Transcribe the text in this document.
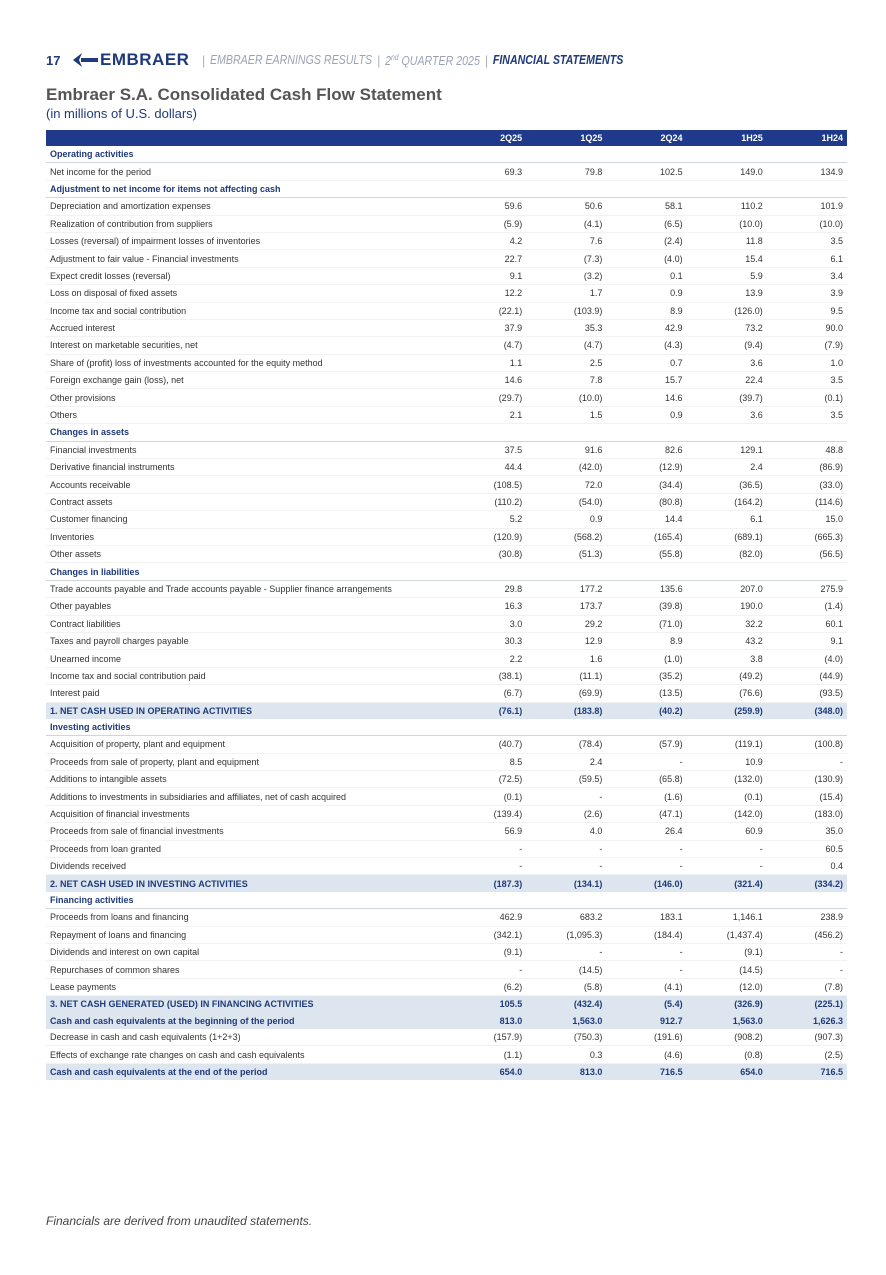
17	EMBRAER	| EMBRAER EARNINGS RESULTS | 2nd QUARTER 2025 | FINANCIAL STATEMENTS
Embraer S.A. Consolidated Cash Flow Statement
(in millions of U.S. dollars)
	2Q25	1Q25	2Q24	1H25	1H24
Operating activities					
Net income for the period	69.3	79.8	102.5	149.0	134.9
Adjustment to net income for items not affecting cash					
Depreciation and amortization expenses	59.6	50.6	58.1	110.2	101.9
Realization of contribution from suppliers	(5.9)	(4.1)	(6.5)	(10.0)	(10.0)
Losses (reversal) of impairment losses of inventories	4.2	7.6	(2.4)	11.8	3.5
Adjustment to fair value - Financial investments	22.7	(7.3)	(4.0)	15.4	6.1
Expect credit losses (reversal)	9.1	(3.2)	0.1	5.9	3.4
Loss on disposal of fixed assets	12.2	1.7	0.9	13.9	3.9
Income tax and social contribution	(22.1)	(103.9)	8.9	(126.0)	9.5
Accrued interest	37.9	35.3	42.9	73.2	90.0
Interest on marketable securities, net	(4.7)	(4.7)	(4.3)	(9.4)	(7.9)
Share of (profit) loss of investments accounted for the equity method	1.1	2.5	0.7	3.6	1.0
Foreign exchange gain (loss), net	14.6	7.8	15.7	22.4	3.5
Other provisions	(29.7)	(10.0)	14.6	(39.7)	(0.1)
Others	2.1	1.5	0.9	3.6	3.5
Changes in assets					
Financial investments	37.5	91.6	82.6	129.1	48.8
Derivative financial instruments	44.4	(42.0)	(12.9)	2.4	(86.9)
Accounts receivable	(108.5)	72.0	(34.4)	(36.5)	(33.0)
Contract assets	(110.2)	(54.0)	(80.8)	(164.2)	(114.6)
Customer financing	5.2	0.9	14.4	6.1	15.0
Inventories	(120.9)	(568.2)	(165.4)	(689.1)	(665.3)
Other assets	(30.8)	(51.3)	(55.8)	(82.0)	(56.5)
Changes in liabilities					
Trade accounts payable and Trade accounts payable - Supplier finance arrangements	29.8	177.2	135.6	207.0	275.9
Other payables	16.3	173.7	(39.8)	190.0	(1.4)
Contract liabilities	3.0	29.2	(71.0)	32.2	60.1
Taxes and payroll charges payable	30.3	12.9	8.9	43.2	9.1
Unearned income	2.2	1.6	(1.0)	3.8	(4.0)
Income tax and social contribution paid	(38.1)	(11.1)	(35.2)	(49.2)	(44.9)
Interest paid	(6.7)	(69.9)	(13.5)	(76.6)	(93.5)
1. NET CASH USED IN OPERATING ACTIVITIES	(76.1)	(183.8)	(40.2)	(259.9)	(348.0)
Investing activities					
Acquisition of property, plant and equipment	(40.7)	(78.4)	(57.9)	(119.1)	(100.8)
Proceeds from sale of property, plant and equipment	8.5	2.4	-	10.9	-
Additions to intangible assets	(72.5)	(59.5)	(65.8)	(132.0)	(130.9)
Additions to investments in subsidiaries and affiliates, net of cash acquired	(0.1)	-	(1.6)	(0.1)	(15.4)
Acquisition of financial investments	(139.4)	(2.6)	(47.1)	(142.0)	(183.0)
Proceeds from sale of financial investments	56.9	4.0	26.4	60.9	35.0
Proceeds from loan granted	-	-	-	-	60.5
Dividends received	-	-	-	-	0.4
2. NET CASH USED IN INVESTING ACTIVITIES	(187.3)	(134.1)	(146.0)	(321.4)	(334.2)
Financing activities					
Proceeds from loans and financing	462.9	683.2	183.1	1,146.1	238.9
Repayment of loans and financing	(342.1)	(1,095.3)	(184.4)	(1,437.4)	(456.2)
Dividends and interest on own capital	(9.1)	-	-	(9.1)	-
Repurchases of common shares	-	(14.5)	-	(14.5)	-
Lease payments	(6.2)	(5.8)	(4.1)	(12.0)	(7.8)
3. NET CASH GENERATED (USED) IN FINANCING ACTIVITIES	105.5	(432.4)	(5.4)	(326.9)	(225.1)
Cash and cash equivalents at the beginning of the period	813.0	1,563.0	912.7	1,563.0	1,626.3
Decrease in cash and cash equivalents (1+2+3)	(157.9)	(750.3)	(191.6)	(908.2)	(907.3)
Effects of exchange rate changes on cash and cash equivalents	(1.1)	0.3	(4.6)	(0.8)	(2.5)
Cash and cash equivalents at the end of the period	654.0	813.0	716.5	654.0	716.5
Financials are derived from unaudited statements.
